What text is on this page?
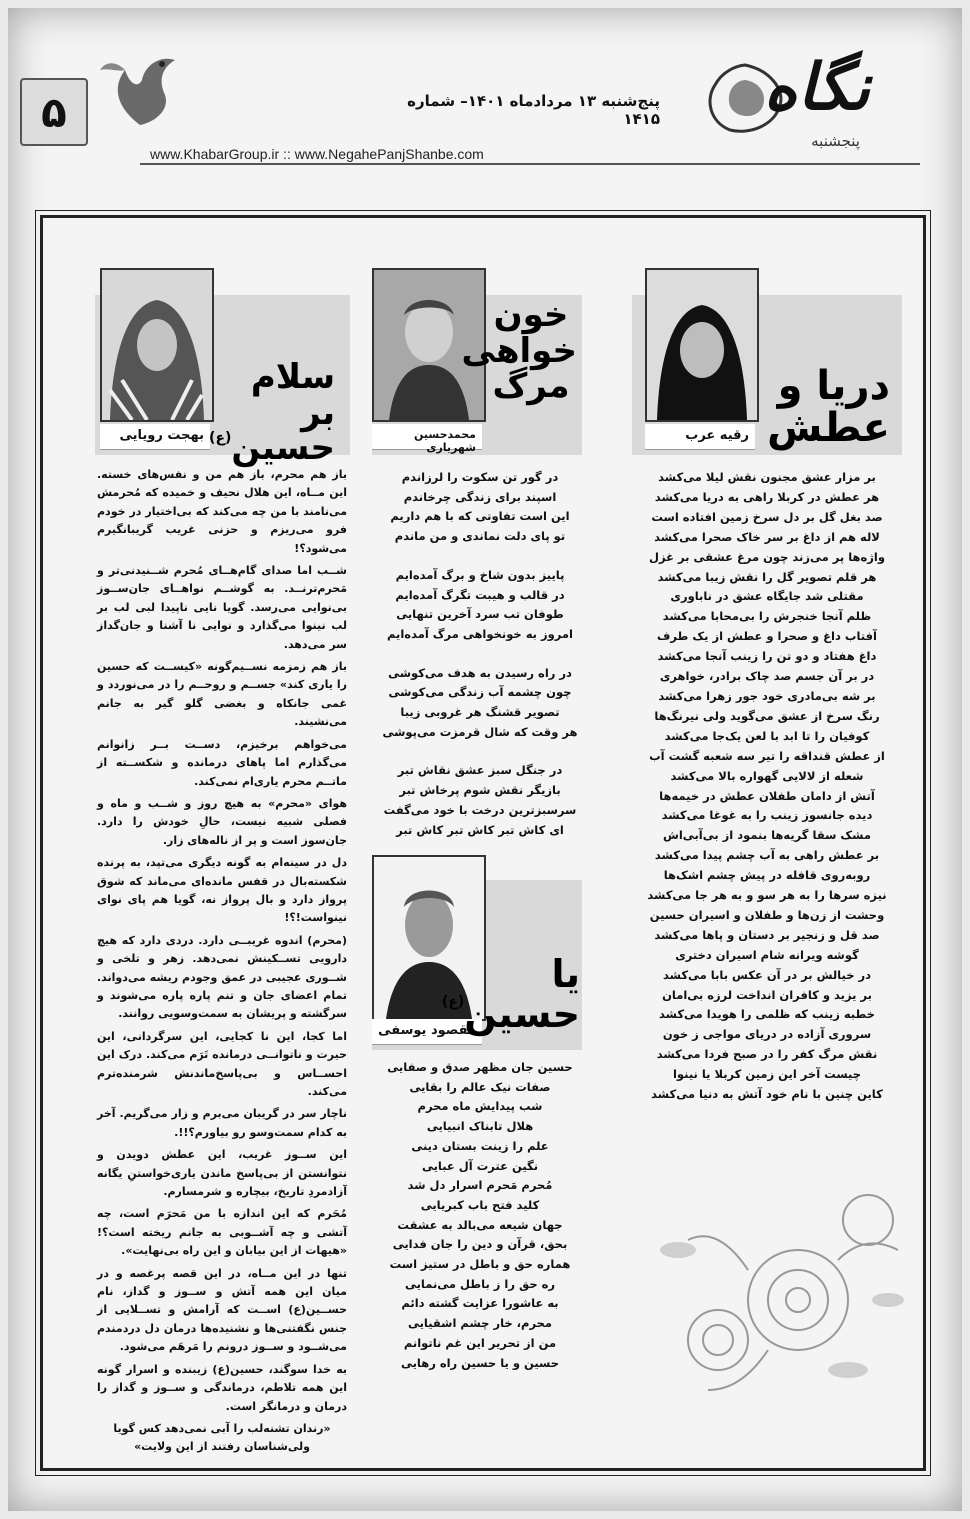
۵	نگاه
پنجشنبه
پنج‌شنبه ۱۳ مردادماه ۱۴۰۱– شماره ۱۴۱۵
www.KhabarGroup.ir :: www.NegahePanjShanbe.com
رقیه عرب
دریا و
عطش

بر مزار عشق مجنون نقش لیلا می‌کشد

هر عطش در کربلا راهی به دریا می‌کشد

صد بغل گل بر دل سرخ زمین افتاده است

لاله هم از داغ بر سر خاک صحرا می‌کشد

واژه‌ها پر می‌زند چون مرغ عشقی بر غزل

هر قلم تصویر گل را نقش زیبا می‌کشد

مقتلی شد جایگاه عشق در ناباوری

ظلم آنجا خنجرش را بی‌محابا می‌کشد

آفتاب داغ و صحرا و عطش از یک طرف

داغ هفتاد و دو تن را زینب آنجا می‌کشد

در بر آن جسم صد چاک برادر، خواهری

بر شه بی‌مادری خود جور زهرا می‌کشد

رنگ سرخ از عشق می‌گوید ولی نیرنگ‌ها

کوفیان را تا ابد با لعن یک‌جا می‌کشد

از عطش قنداقه را تیر سه شعبه گشت آب

شعله از لالایی گهواره بالا می‌کشد

آتش از دامان طفلان عطش در خیمه‌ها

دیده جانسوز زینب را به غوغا می‌کشد

مشک سقا گریه‌ها بنمود از بی‌آبی‌اش

بر عطش راهی به آب چشم پیدا می‌کشد

روبه‌روی قافله در پیش چشم اشک‌ها

نیزه سرها را به هر سو و به هر جا می‌کشد

وحشت از زن‌ها و طفلان و اسیران حسین

صد قل و زنجیر بر دستان و پاها می‌کشد

گوشه ویرانه شام اسیران دختری

در خیالش بر در آن عکس بابا می‌کشد

بر یزید و کافران انداخت لرزه بی‌امان

خطبه زینب که ظلمی را هویدا می‌کشد

سروری آزاده در دریای مواجی ز خون

نقش مرگ کفر را در صبح فردا می‌کشد

چیست آخر این زمین کربلا یا نینوا

کاین چنین با نام خود آتش به دنیا می‌کشد

محمدحسین شهریاری
خون
خواهی
مرگ

در گور تن سکوت را لرزاندم

اسپند برای زندگی چرخاندم

این است تفاوتی که با هم داریم

تو پای دلت نماندی و من ماندم

پاییز بدون شاخ و برگ آمده‌ایم

در قالب و هیبت تگرگ آمده‌ایم

طوفان تب سرد آخرین تنهایی

امروز به خونخواهی مرگ آمده‌ایم

در راه رسیدن به هدف می‌کوشی

چون چشمه آب زندگی می‌کوشی

تصویر قشنگ هر غروبی زیبا

هر وقت که شال قرمزت می‌پوشی

در جنگل سبز عشق نقاش تبر

بازیگر نقش شوم پرخاش تبر

سرسبزترین درخت با خود می‌گفت

ای کاش تبر کاش تبر کاش تبر

مقصود یوسفی
یا
حسین$^{(ع)}$

حسین جان مظهر صدق و صفایی

صفات نیک عالم را بقایی

شب پیدایش ماه محرم

هلال تابناک انبیایی

علم را زینت بستان دینی

نگین عترت آل عبایی

مُحرم مَحرم اسرار دل شد

کلید فتح باب کبریایی

جهان شیعه می‌بالد به عشقت

بحق، قرآن و دین را جان فدایی

هماره حق و باطل در ستیز است

ره حق را ز باطل می‌نمایی

به عاشورا عزایت گشته دائم

محرم، خار چشم اشقیایی

من از تحریر این غم ناتوانم

حسین و یا حسین راه رهایی

بهجت رویایی
سلام بر
حسین$^{(ع)}$

باز هم محرم، باز هم من و نفس‌های خسته. این مــاه، این هلال نحیف و خمیده که مُحرمش می‌نامند با من چه می‌کند که بی‌اختیار در خودم فرو می‌ریزم و حزنی غریب گریبانگیرم می‌شود؟!

شــب اما صدای گام‌هــای مُحرم شــنیدنی‌تر و مَحرم‌ترنــد. به گوشــم نواهــای جان‌ســوز بی‌نوایی می‌رسد. گویا نایی ناپیدا لبی لب بر لب نینوا می‌گذارد و نوایی نا آشنا و جان‌گداز سر می‌دهد.

باز هم زمزمه نســیم‌گونه «کیســت که حسین را یاری کند» جســم و روحــم را در می‌نوردد و غمی جانکاه و بغضی گلو گیر به جانم می‌نشیند.

می‌خواهم برخیزم، دســت بــر زانوانم می‌گذارم اما پاهای درمانده و شکســته از ماتــم محرم یاری‌ام نمی‌کند.

هوای «محرم» به هیچ روز و شــب و ماه و فصلی شبیه نیست، حالِ خودش را دارد. جان‌سوز است و پر از ناله‌های زار.

دل در سینه‌ام به گونه دیگری می‌تپد، به پرنده شکسته‌بال در قفس مانده‌ای می‌ماند که شوق پرواز دارد و بال پرواز نه، گویا هم پای نوای نینواست!؟!

(محرم) اندوه غریبــی دارد. دردی دارد که هیچ دارویی تســکینش نمی‌دهد. زهر و تلخی و شــوری عجیبی در عمق وجودم ریشه می‌دواند. تمام اعضای جان و تنم پاره پاره می‌شوند و سرگشته و پریشان به سمت‌وسویی روانند.

اما کجا، این نا کجایی، این سرگردانی، این حیرت و ناتوانــی درمانده تَرَم می‌کند. درک این احســاس و بی‌پاسخ‌ماندنش شرمنده‌ترم می‌کند.

ناچار سر در گریبان می‌برم و زار می‌گریم. آخر به کدام سمت‌وسو رو بیاورم؟!!.

این ســوز غریب، این عطش دویدن و نتوانستن از بی‌پاسخ ماندن یاری‌خواستنِ یگانه آزادمردِ تاریخ، بیچاره و شرمسارم.

مُحَرم که این اندازه با من مَحرَم است، چه آتشی و چه آشــوبی به جانم ریخته است؟! «هیهات از این بیابان و این راه بی‌نهایت».

تنها در این مــاه، در این قصه پرغصه و در میان این همه آتش و ســوز و گداز، نام حســین(ع) اســت که آرامش و تســلایی از جنس نگفتنی‌ها و نشنیده‌ها درمان دل دردمندم می‌شــود و ســوز درونم را مَرهَم می‌شود.

به خدا سوگند، حسین(ع) زیبنده و اسرار گونه این همه تلاطم، درماندگی و ســوز و گداز را درمان و درمانگر است.

«رندان تشنه‌لب را آبی نمی‌دهد کس گویا ولی‌شناسان رفتند از این ولایت»
